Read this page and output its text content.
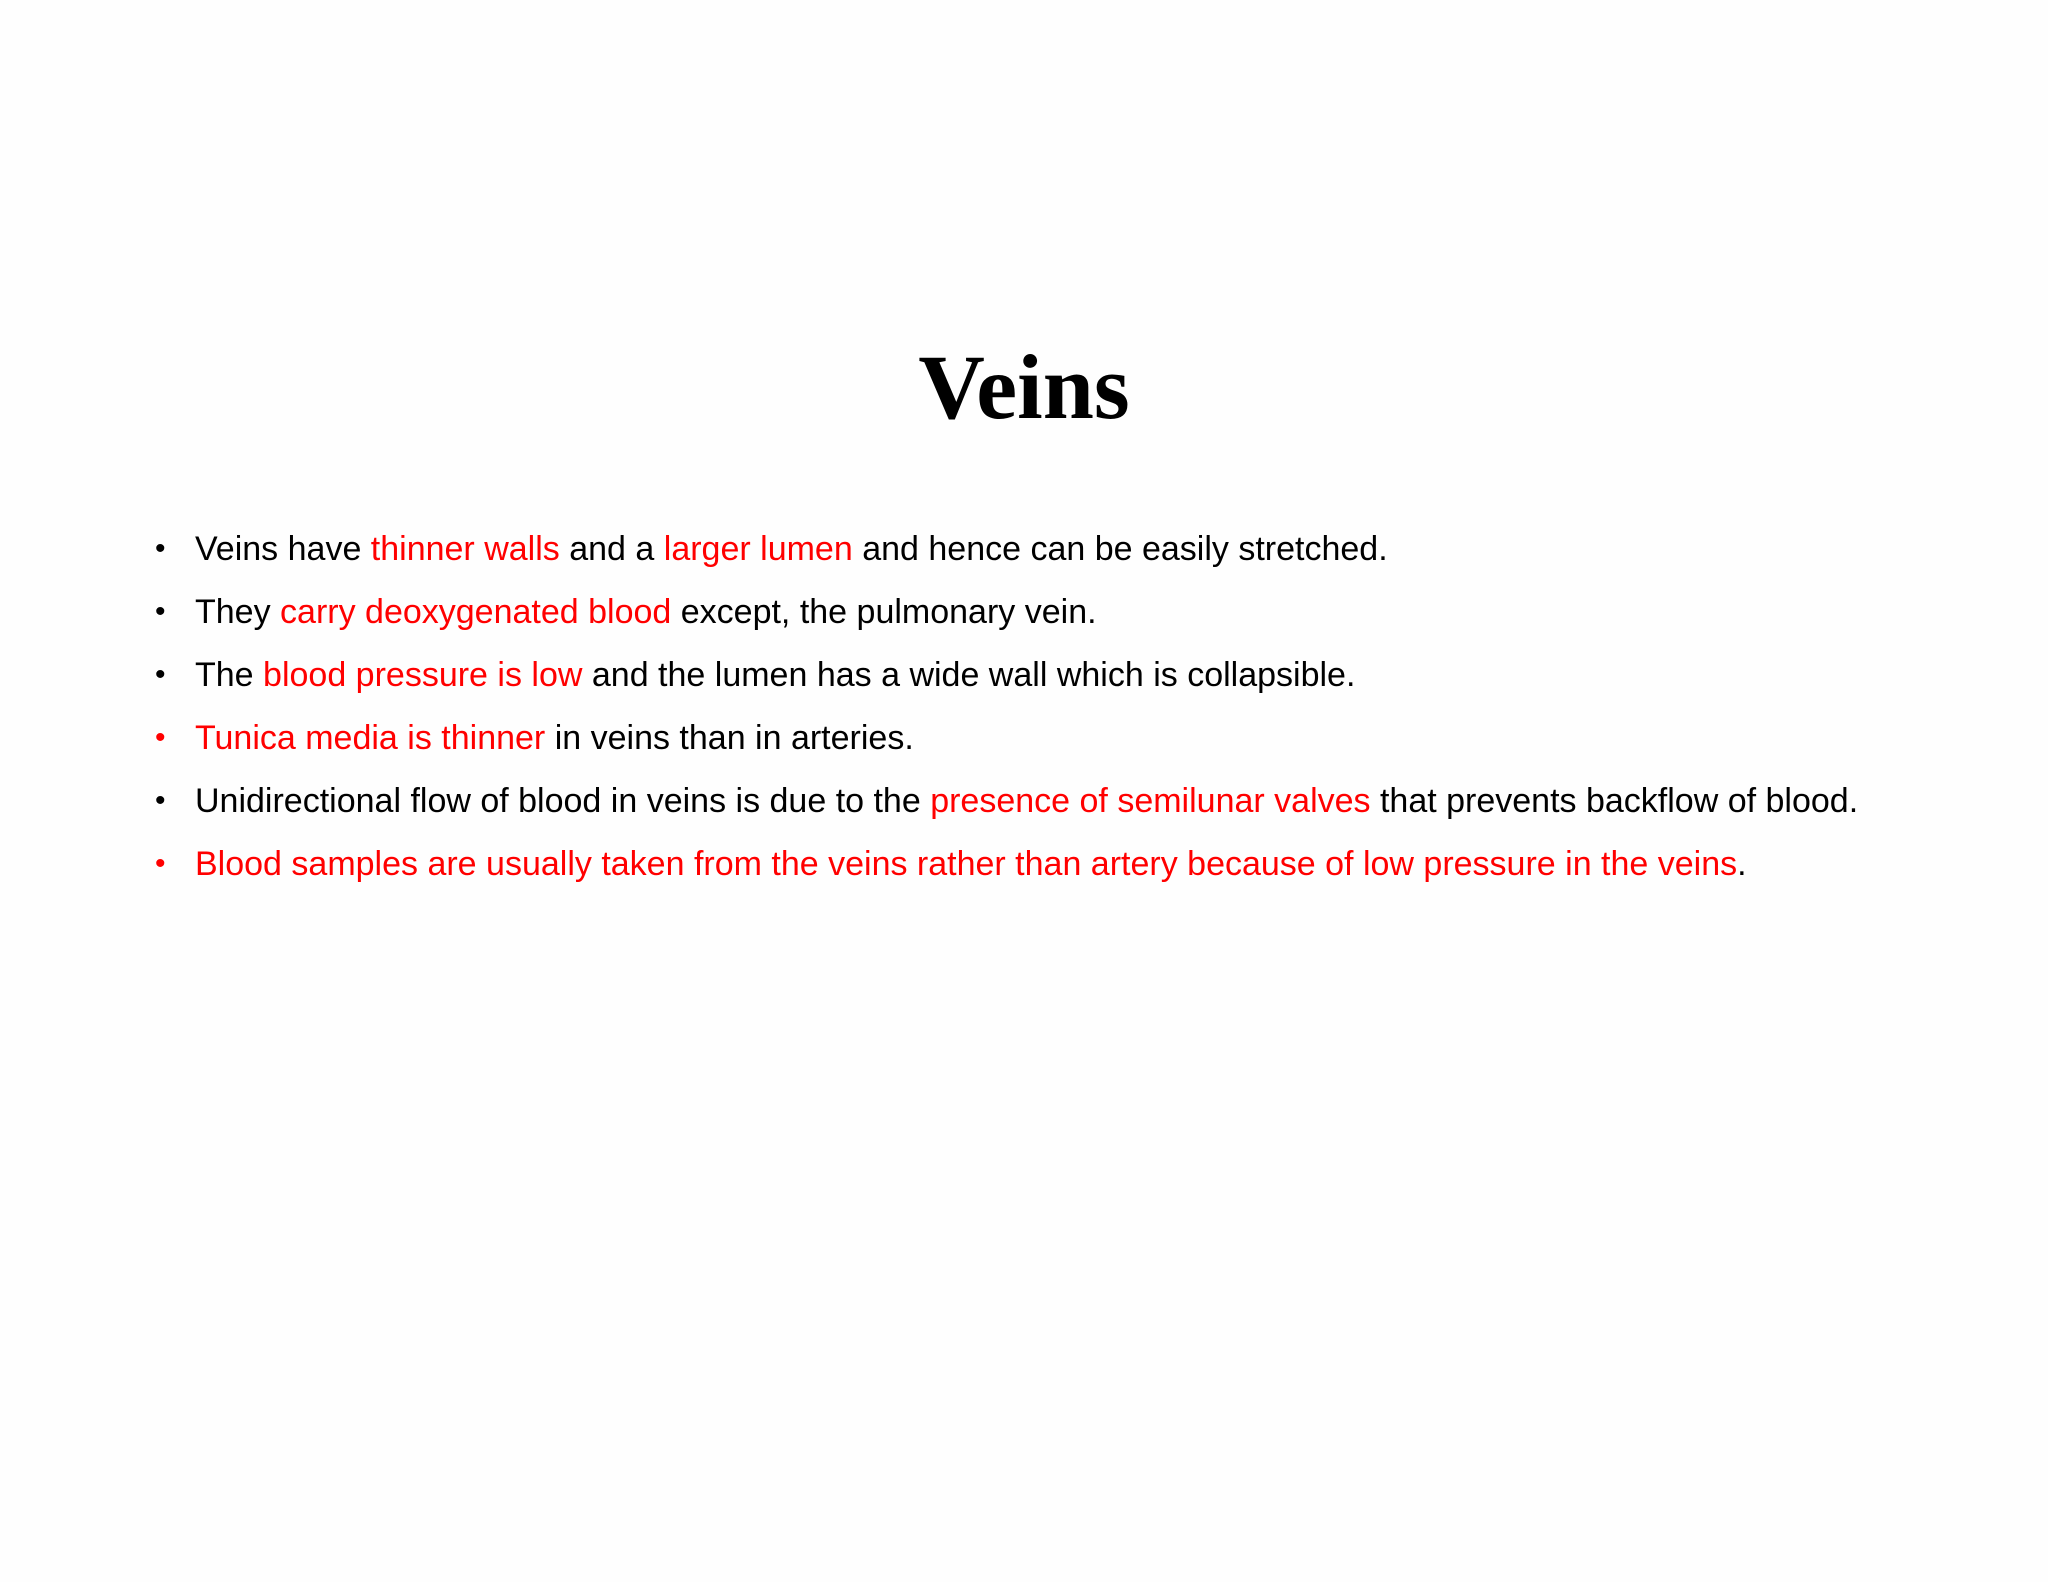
Veins
• Veins have thinner walls and a larger lumen and hence can be easily stretched.
• They carry deoxygenated blood except, the pulmonary vein.
• The blood pressure is low and the lumen has a wide wall which is collapsible.
• Tunica media is thinner in veins than in arteries.
• Unidirectional flow of blood in veins is due to the presence of semilunar valves that prevents backflow of blood.
• Blood samples are usually taken from the veins rather than artery because of low pressure in the veins.
